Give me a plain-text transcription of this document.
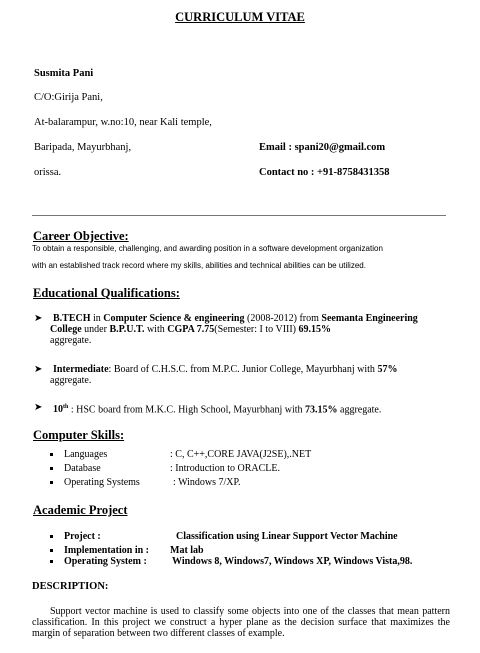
CURRICULUM VITAE
Susmita Pani
C/O:Girija Pani,
At-balarampur, w.no:10, near Kali temple,
Baripada, Mayurbhanj,
orissa.
Email : spani20@gmail.com
Contact no : +91-8758431358
Career Objective:
To obtain a responsible, challenging, and awarding position in a software development organization
with an established track record where my skills, abilities and technical abilities can be utilized.
Educational Qualifications:
➤	B.TECH in Computer Science & engineering (2008-2012) from Seemanta Engineering College under B.P.U.T. with CGPA 7.75(Semester: I to VIII) 69.15%
aggregate.
➤	Intermediate: Board of C.H.S.C. from M.P.C. Junior College, Mayurbhanj with 57%
aggregate.
➤	10th : HSC board from M.K.C. High School, Mayurbhanj with 73.15% aggregate.
Computer Skills:
Languages	: C, C++,CORE JAVA(J2SE),.NET
Database	: Introduction to ORACLE.
Operating Systems	: Windows 7/XP.
Academic Project
Project :	Classification using Linear Support Vector Machine
Implementation in : Mat lab
Operating System :	Windows 8, Windows7, Windows XP, Windows Vista,98.
DESCRIPTION:
Support vector machine is used to classify some objects into one of the classes that mean pattern classification. In this project we construct a hyper plane as the decision surface that maximizes the margin of separation between two different classes of example.
